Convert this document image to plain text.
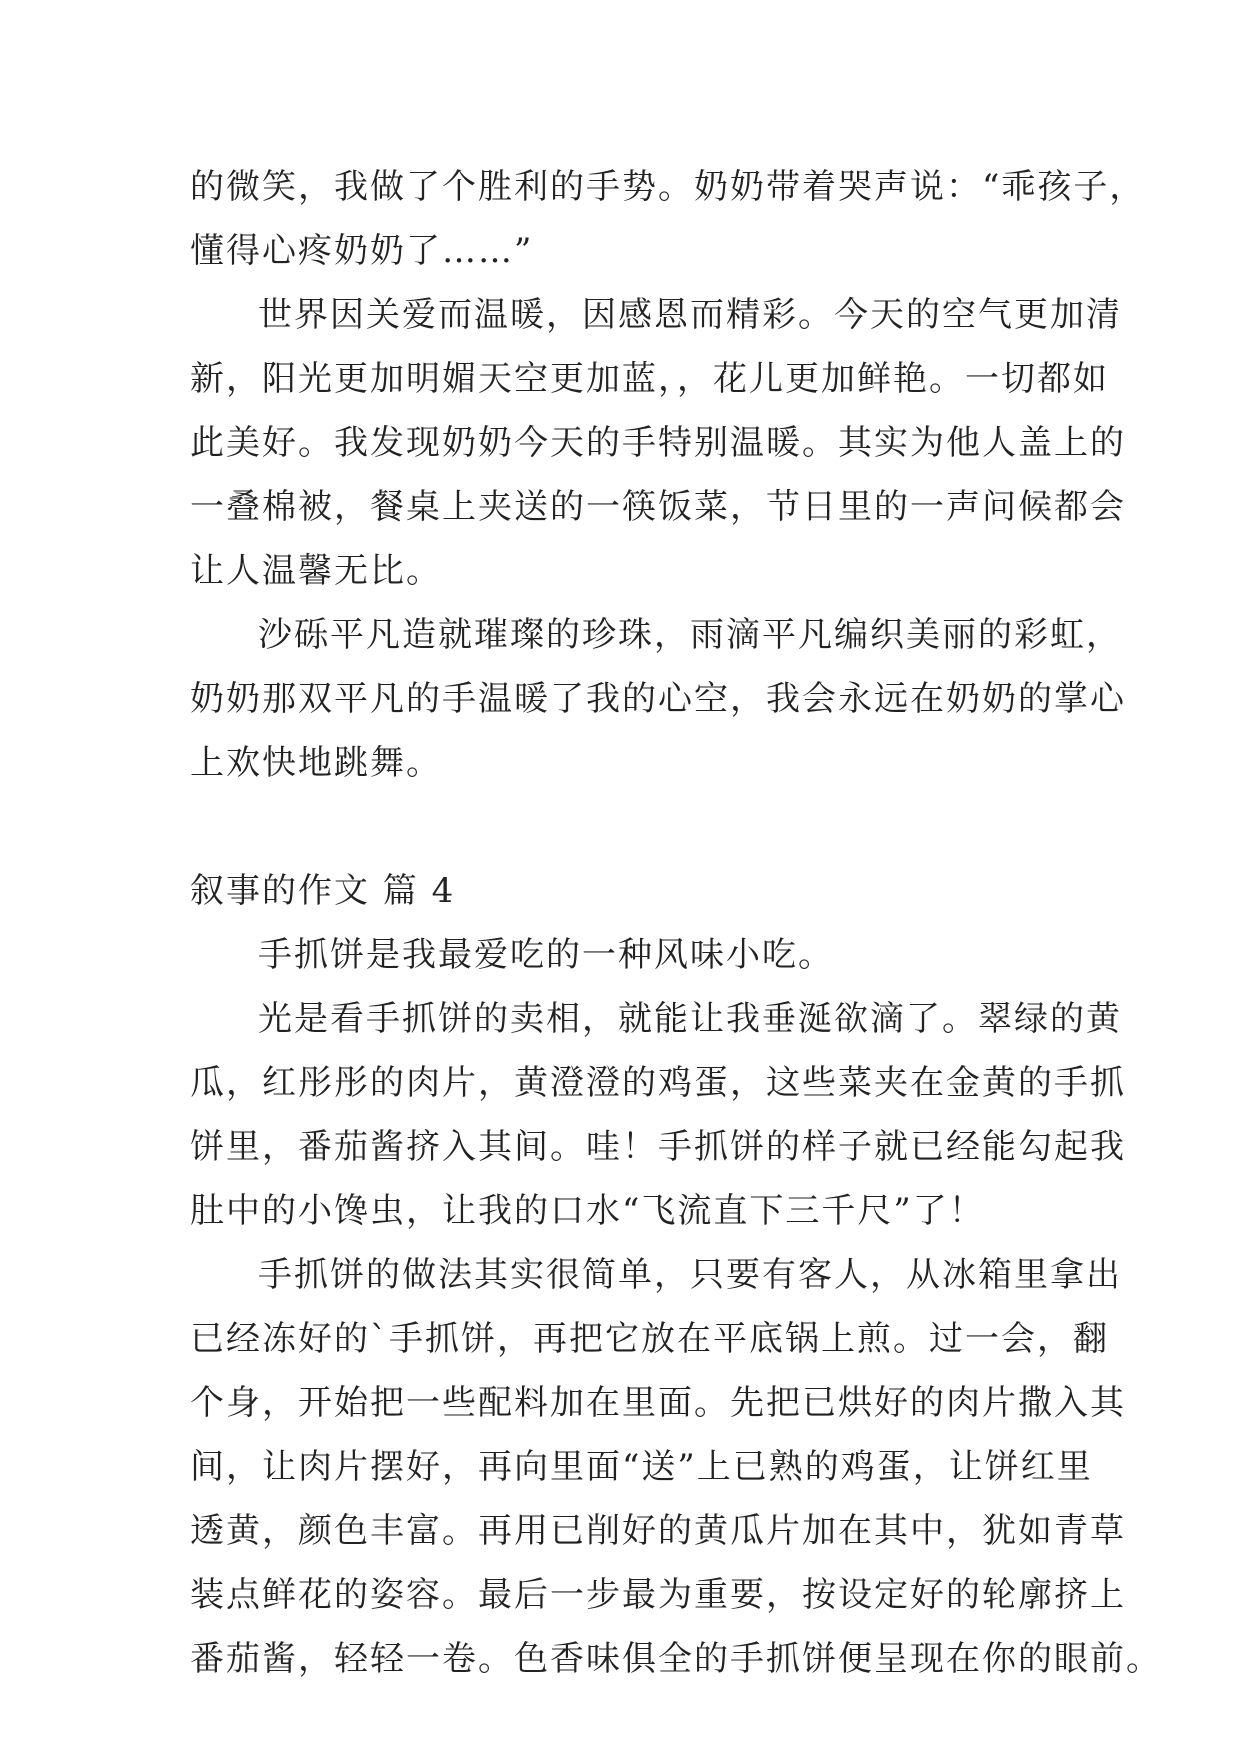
的微笑，我做了个胜利的手势。奶奶带着哭声说：“乖孩子，
懂得心疼奶奶了……”

世界因关爱而温暖，因感恩而精彩。今天的空气更加清
新，阳光更加明媚天空更加蓝，，花儿更加鲜艳。一切都如
此美好。我发现奶奶今天的手特别温暖。其实为他人盖上的
一叠棉被，餐桌上夹送的一筷饭菜，节日里的一声问候都会
让人温馨无比。

沙砾平凡造就璀璨的珍珠，雨滴平凡编织美丽的彩虹，
奶奶那双平凡的手温暖了我的心空，我会永远在奶奶的掌心
上欢快地跳舞。

叙事的作文 篇 4

手抓饼是我最爱吃的一种风味小吃。

光是看手抓饼的卖相，就能让我垂涎欲滴了。翠绿的黄
瓜，红彤彤的肉片，黄澄澄的鸡蛋，这些菜夹在金黄的手抓
饼里，番茄酱挤入其间。哇！手抓饼的样子就已经能勾起我
肚中的小馋虫，让我的口水“飞流直下三千尺”了！

手抓饼的做法其实很简单，只要有客人，从冰箱里拿出
已经冻好的`手抓饼，再把它放在平底锅上煎。过一会，翻
个身，开始把一些配料加在里面。先把已烘好的肉片撒入其
间，让肉片摆好，再向里面“送”上已熟的鸡蛋，让饼红里
透黄，颜色丰富。再用已削好的黄瓜片加在其中，犹如青草
装点鲜花的姿容。最后一步最为重要，按设定好的轮廓挤上
番茄酱，轻轻一卷。色香味俱全的手抓饼便呈现在你的眼前。
